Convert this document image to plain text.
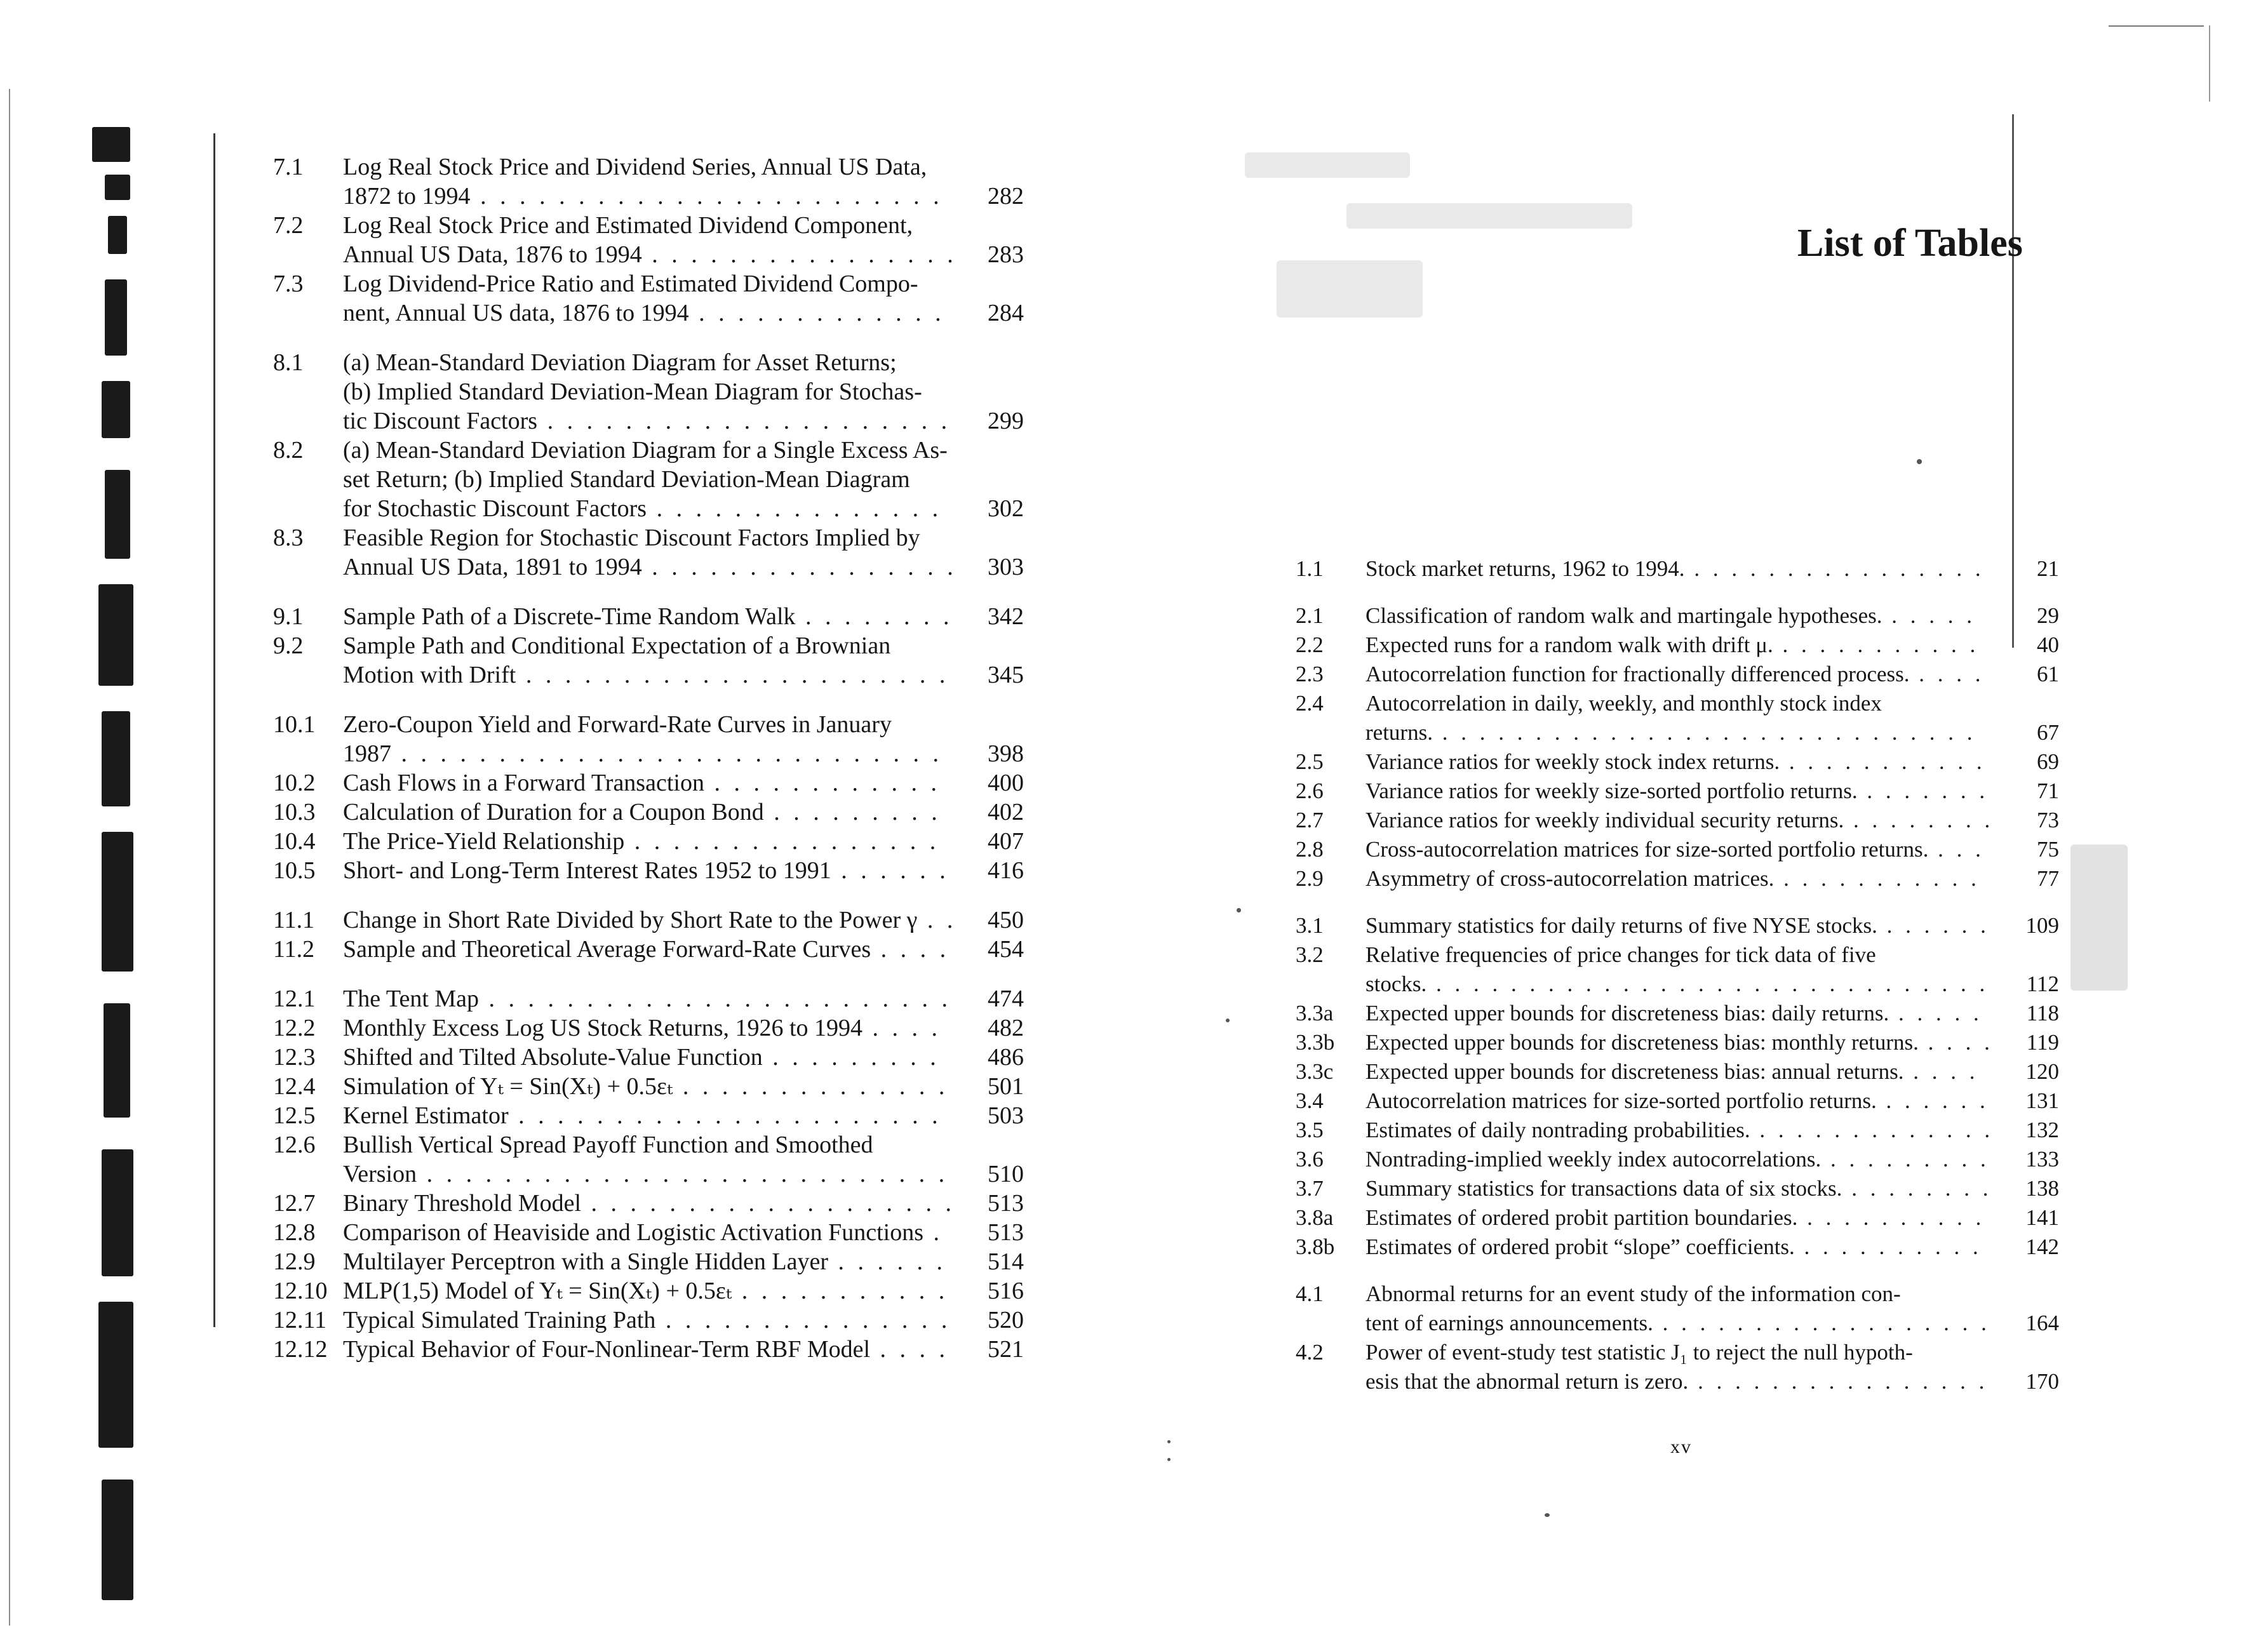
7.1	Log Real Stock Price and Dividend Series, Annual US Data,
1872 to 1994 . . . . . . . . . . . . . . . . . . . . . . . .	282
7.2	Log Real Stock Price and Estimated Dividend Component,
Annual US Data, 1876 to 1994 . . . . . . . . . . . . . . . .	283
7.3	Log Dividend-Price Ratio and Estimated Dividend Compo-
nent, Annual US data, 1876 to 1994 . . . . . . . . . . . . .	284
8.1	(a) Mean-Standard Deviation Diagram for Asset Returns;
(b) Implied Standard Deviation-Mean Diagram for Stochas-
tic Discount Factors . . . . . . . . . . . . . . . . . . . . .	299
8.2	(a) Mean-Standard Deviation Diagram for a Single Excess As-
set Return; (b) Implied Standard Deviation-Mean Diagram
for Stochastic Discount Factors . . . . . . . . . . . . . . .	302
8.3	Feasible Region for Stochastic Discount Factors Implied by
Annual US Data, 1891 to 1994 . . . . . . . . . . . . . . . .	303
9.1	Sample Path of a Discrete-Time Random Walk . . . . . . . .	342
9.2	Sample Path and Conditional Expectation of a Brownian
Motion with Drift . . . . . . . . . . . . . . . . . . . . . .	345
10.1	Zero-Coupon Yield and Forward-Rate Curves in January
1987 . . . . . . . . . . . . . . . . . . . . . . . . . . . .	398
10.2	Cash Flows in a Forward Transaction . . . . . . . . . . . .	400
10.3	Calculation of Duration for a Coupon Bond . . . . . . . . .	402
10.4	The Price-Yield Relationship . . . . . . . . . . . . . . . .	407
10.5	Short- and Long-Term Interest Rates 1952 to 1991 . . . . . .	416
11.1	Change in Short Rate Divided by Short Rate to the Power γ . .	450
11.2	Sample and Theoretical Average Forward-Rate Curves . . . .	454
12.1	The Tent Map . . . . . . . . . . . . . . . . . . . . . . . .	474
12.2	Monthly Excess Log US Stock Returns, 1926 to 1994 . . . .	482
12.3	Shifted and Tilted Absolute-Value Function . . . . . . . . .	486
12.4	Simulation of Yₜ = Sin(Xₜ) + 0.5εₜ . . . . . . . . . . . . . .	501
12.5	Kernel Estimator . . . . . . . . . . . . . . . . . . . . . .	503
12.6	Bullish Vertical Spread Payoff Function and Smoothed
Version . . . . . . . . . . . . . . . . . . . . . . . . . . .	510
12.7	Binary Threshold Model . . . . . . . . . . . . . . . . . . .	513
12.8	Comparison of Heaviside and Logistic Activation Functions .	513
12.9	Multilayer Perceptron with a Single Hidden Layer . . . . . .	514
12.10 MLP(1,5) Model of Yₜ = Sin(Xₜ) + 0.5εₜ . . . . . . . . . . .	516
12.11 Typical Simulated Training Path . . . . . . . . . . . . . . .	520
12.12 Typical Behavior of Four-Nonlinear-Term RBF Model . . . .	521
List of Tables
1.1	Stock market returns, 1962 to 1994. . . . . . . . . . . . . . . . .	21
2.1	Classification of random walk and martingale hypotheses. . . . . .	29
2.2	Expected runs for a random walk with drift μ. . . . . . . . . . . .	40
2.3	Autocorrelation function for fractionally differenced process. . . . .	61
2.4	Autocorrelation in daily, weekly, and monthly stock index
returns. . . . . . . . . . . . . . . . . . . . . . . . . . . . . .	67
2.5	Variance ratios for weekly stock index returns. . . . . . . . . . . .	69
2.6	Variance ratios for weekly size-sorted portfolio returns. . . . . . . .	71
2.7	Variance ratios for weekly individual security returns. . . . . . . . .	73
2.8	Cross-autocorrelation matrices for size-sorted portfolio returns. . . .	75
2.9	Asymmetry of cross-autocorrelation matrices. . . . . . . . . . . .	77
3.1	Summary statistics for daily returns of five NYSE stocks. . . . . . .	109
3.2	Relative frequencies of price changes for tick data of five
stocks. . . . . . . . . . . . . . . . . . . . . . . . . . . . . . .	112
3.3a	Expected upper bounds for discreteness bias: daily returns. . . . . .	118
3.3b	Expected upper bounds for discreteness bias: monthly returns. . . . .	119
3.3c	Expected upper bounds for discreteness bias: annual returns. . . . .	120
3.4	Autocorrelation matrices for size-sorted portfolio returns. . . . . . .	131
3.5	Estimates of daily nontrading probabilities. . . . . . . . . . . . . .	132
3.6	Nontrading-implied weekly index autocorrelations. . . . . . . . . .	133
3.7	Summary statistics for transactions data of six stocks. . . . . . . . .	138
3.8a	Estimates of ordered probit partition boundaries. . . . . . . . . . .	141
3.8b	Estimates of ordered probit “slope” coefficients. . . . . . . . . . .	142
4.1	Abnormal returns for an event study of the information con-
tent of earnings announcements. . . . . . . . . . . . . . . . . . .	164
4.2	Power of event-study test statistic J₁ to reject the null hypoth-
esis that the abnormal return is zero. . . . . . . . . . . . . . . . .	170
xv
